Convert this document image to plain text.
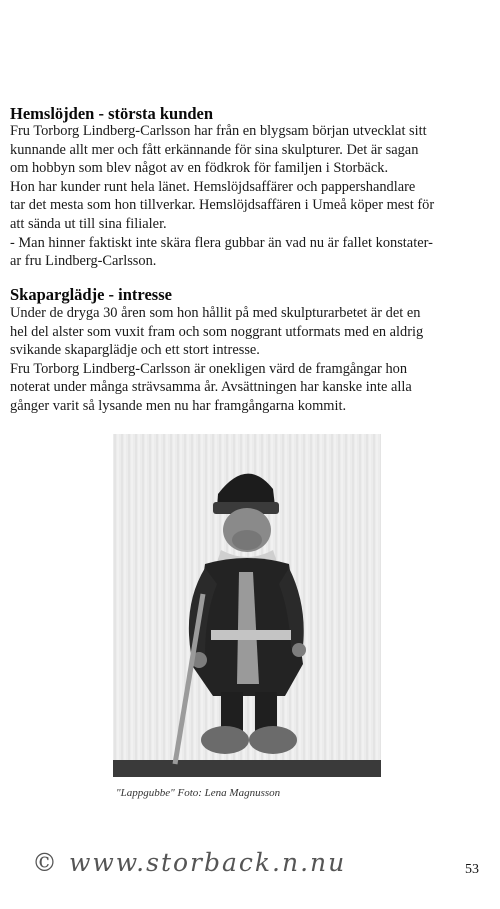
Hemslöjden - största kunden
Fru Torborg Lindberg-Carlsson har från en blygsam början utvecklat sitt
kunnande allt mer och fått erkännande för sina skulpturer. Det är sagan
om hobbyn som blev något av en födkrok för familjen i Storbäck.
Hon har kunder runt hela länet. Hemslöjdsaffärer och pappershandlare
tar det mesta som hon tillverkar. Hemslöjdsaffären i Umeå köper mest för
att sända ut till sina filialer.
- Man hinner faktiskt inte skära flera gubbar än vad nu är fallet konstater-
ar fru Lindberg-Carlsson.
Skaparglädje - intresse
Under de dryga 30 åren som hon hållit på med skulpturarbetet är det en
hel del alster som vuxit fram och som noggrant utformats med en aldrig
svikande skaparglädje och ett stort intresse.
Fru Torborg Lindberg-Carlsson är onekligen värd de framgångar hon
noterat under många strävsamma år. Avsättningen har kanske inte alla
gånger varit så lysande men nu har framgångarna kommit.
"Lappgubbe" Foto: Lena Magnusson
© www.storback.n.nu	53
